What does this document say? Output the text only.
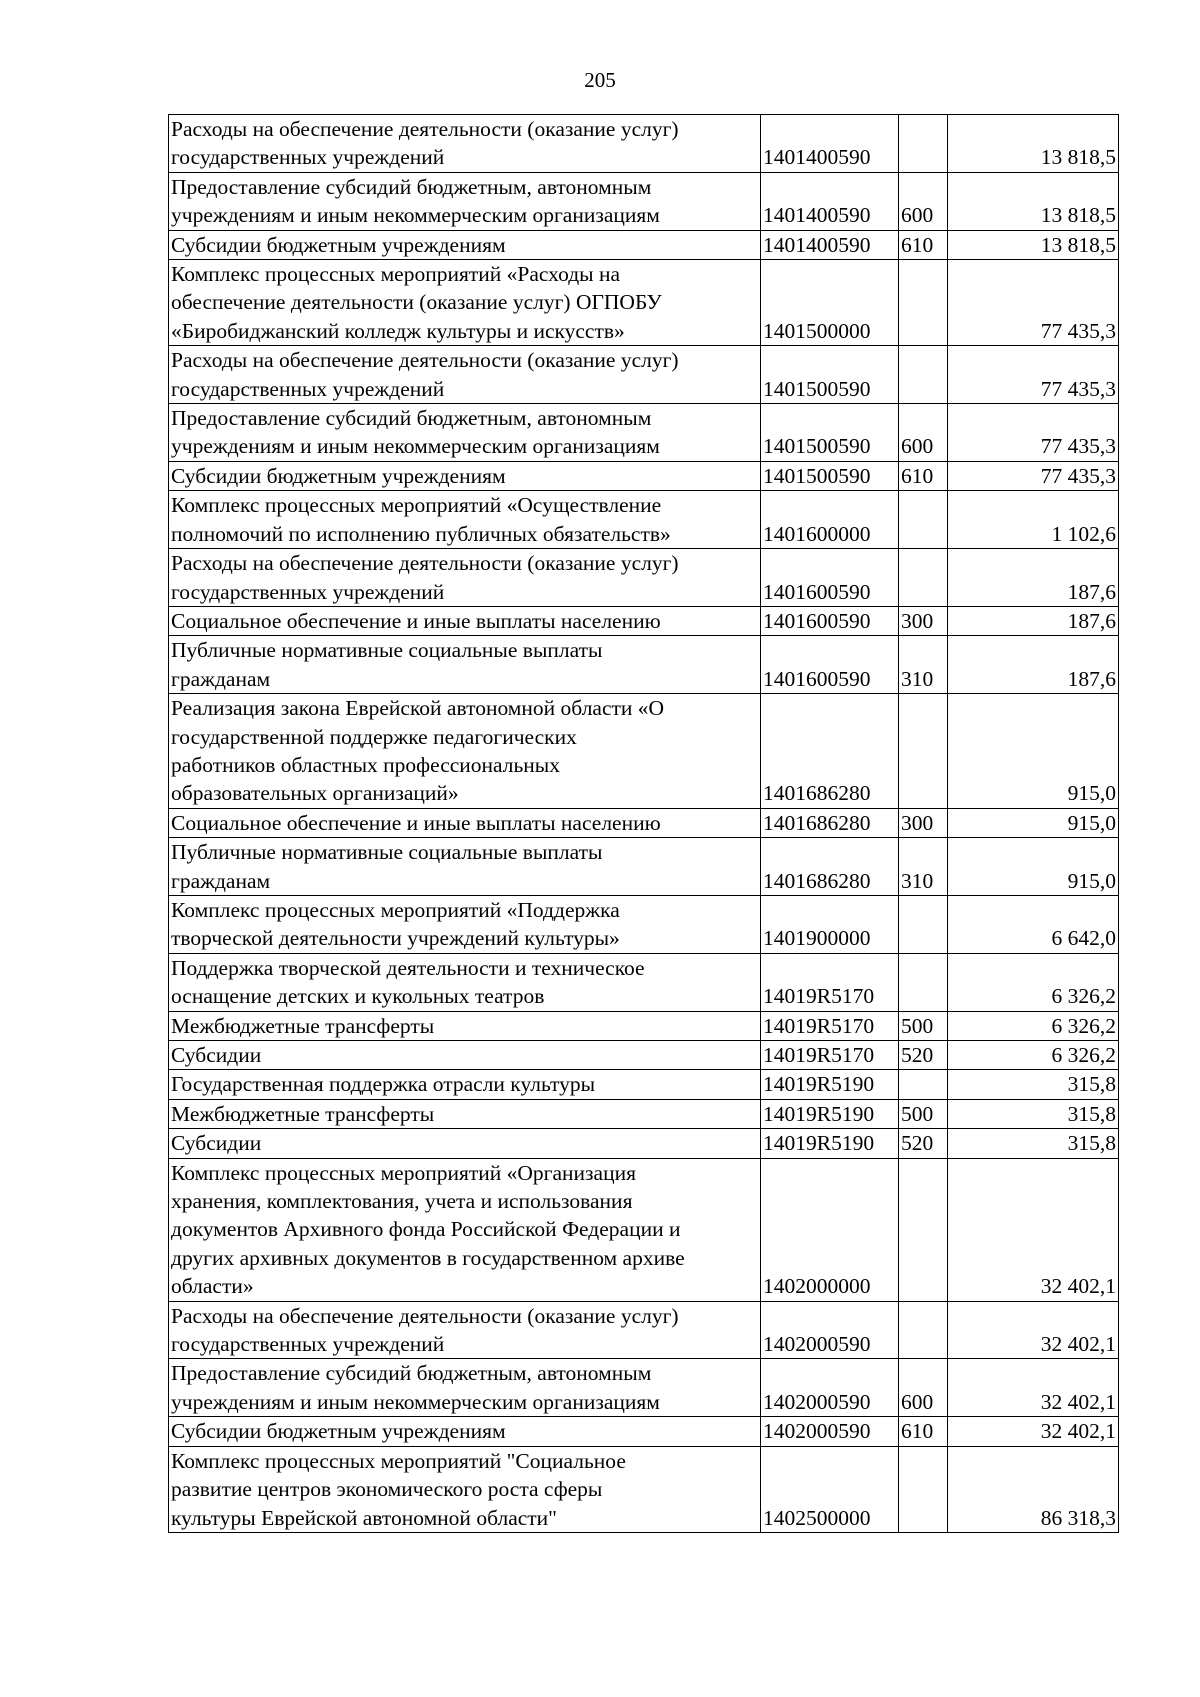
205
Расходы на обеспечение деятельности (оказание услуг)
государственных учреждений	1401400590		13 818,5

Предоставление субсидий бюджетным, автономным
учреждениям и иным некоммерческим организациям	1401400590	600	13 818,5

Субсидии бюджетным учреждениям	1401400590	610	13 818,5

Комплекс процессных мероприятий «Расходы на
обеспечение деятельности (оказание услуг) ОГПОБУ
«Биробиджанский колледж культуры и искусств»	1401500000		77 435,3

Расходы на обеспечение деятельности (оказание услуг)
государственных учреждений	1401500590		77 435,3

Предоставление субсидий бюджетным, автономным
учреждениям и иным некоммерческим организациям	1401500590	600	77 435,3

Субсидии бюджетным учреждениям	1401500590	610	77 435,3

Комплекс процессных мероприятий «Осуществление
полномочий по исполнению публичных обязательств»	1401600000		1 102,6

Расходы на обеспечение деятельности (оказание услуг)
государственных учреждений	1401600590		187,6

Социальное обеспечение и иные выплаты населению	1401600590	300	187,6

Публичные нормативные социальные выплаты
гражданам	1401600590	310	187,6

Реализация закона Еврейской автономной области «О
государственной поддержке педагогических
работников областных профессиональных
образовательных организаций»	1401686280		915,0

Социальное обеспечение и иные выплаты населению	1401686280	300	915,0

Публичные нормативные социальные выплаты
гражданам	1401686280	310	915,0

Комплекс процессных мероприятий «Поддержка
творческой деятельности учреждений культуры»	1401900000		6 642,0

Поддержка творческой деятельности и техническое
оснащение детских и кукольных театров	14019R5170		6 326,2

Межбюджетные трансферты	14019R5170	500	6 326,2

Субсидии	14019R5170	520	6 326,2

Государственная поддержка отрасли культуры	14019R5190		315,8

Межбюджетные трансферты	14019R5190	500	315,8

Субсидии	14019R5190	520	315,8

Комплекс процессных мероприятий «Организация
хранения, комплектования, учета и использования
документов Архивного фонда Российской Федерации и
других архивных документов в государственном архиве
области»	1402000000		32 402,1

Расходы на обеспечение деятельности (оказание услуг)
государственных учреждений	1402000590		32 402,1

Предоставление субсидий бюджетным, автономным
учреждениям и иным некоммерческим организациям	1402000590	600	32 402,1

Субсидии бюджетным учреждениям	1402000590	610	32 402,1

Комплекс процессных мероприятий "Социальное
развитие центров экономического роста сферы
культуры Еврейской автономной области"	1402500000		86 318,3
